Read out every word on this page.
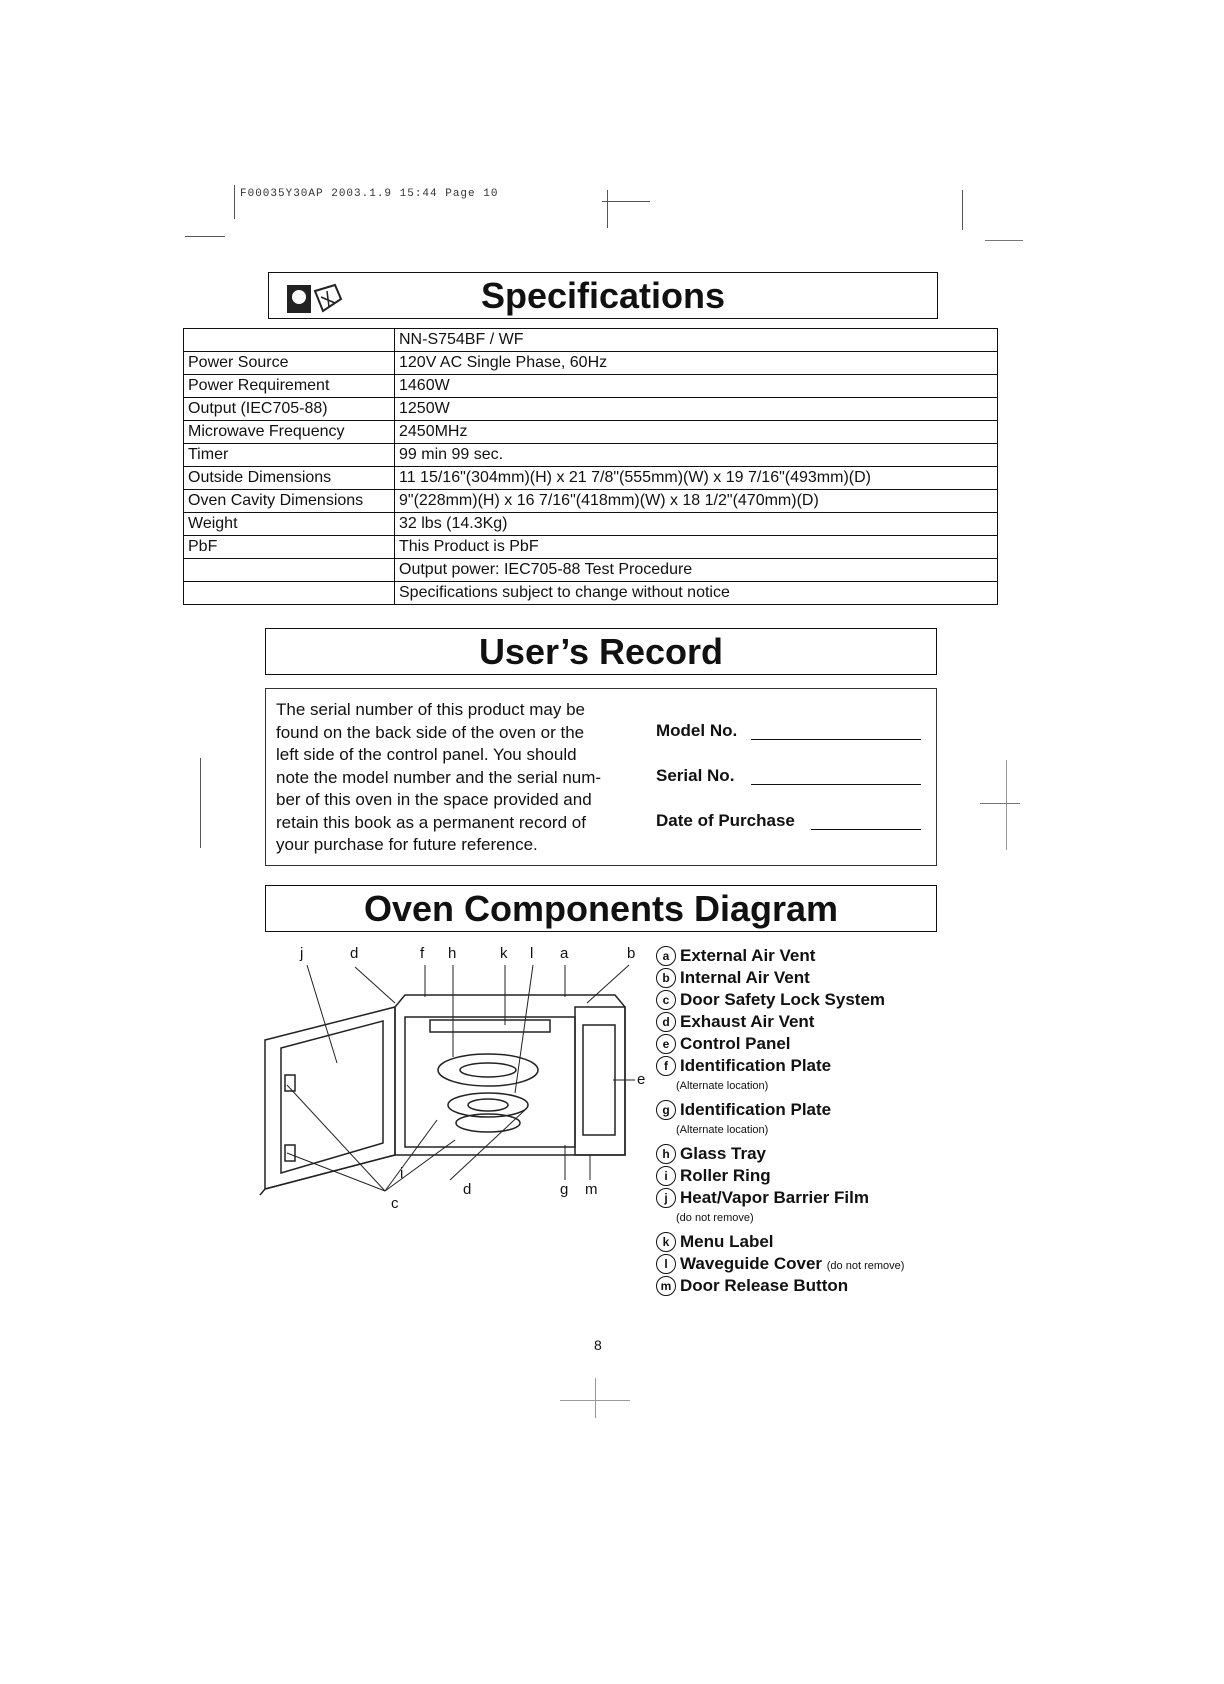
F00035Y30AP 2003.1.9 15:44 Page 10
Specifications
	NN-S754BF / WF
Power Source	120V AC Single Phase, 60Hz
Power Requirement	1460W
Output (IEC705-88)	1250W
Microwave Frequency	2450MHz
Timer	99 min 99 sec.
Outside Dimensions	11 15/16"(304mm)(H) x 21 7/8"(555mm)(W) x 19 7/16"(493mm)(D)
Oven Cavity Dimensions	9"(228mm)(H) x 16 7/16"(418mm)(W) x 18 1/2"(470mm)(D)
Weight	32 lbs (14.3Kg)
PbF	This Product is PbF
	Output power: IEC705-88 Test Procedure
	Specifications subject to change without notice
User’s Record
The serial number of this product may be
found on the back side of the oven or the
left side of the control panel. You should
note the model number and the serial num-
ber of this oven in the space provided and
retain this book as a permanent record of
your purchase for future reference.
Model No.
Serial No.
Date of Purchase
Oven Components Diagram
j	d	f h	k l a	b
e
i
c
d	g m
a External Air Vent
b Internal Air Vent
c Door Safety Lock System
d Exhaust Air Vent
e Control Panel
f Identification Plate
(Alternate location)
g Identification Plate
(Alternate location)
h Glass Tray
i Roller Ring
j Heat/Vapor Barrier Film
(do not remove)
k Menu Label
l Waveguide Cover (do not remove)
m Door Release Button
8
